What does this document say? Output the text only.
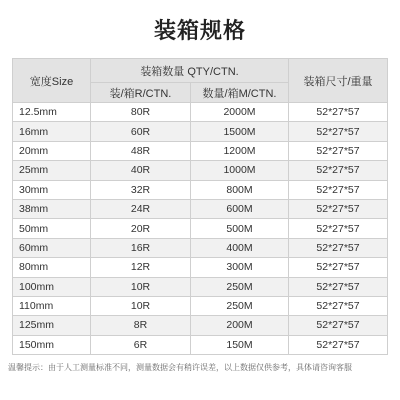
装箱规格
宽度Size	装箱数量 QTY/CTN.		装箱尺寸/重量
	装/箱R/CTN.	数量/箱M/CTN.	
12.5mm	80R	2000M	52*27*57
16mm	60R	1500M	52*27*57
20mm	48R	1200M	52*27*57
25mm	40R	1000M	52*27*57
30mm	32R	800M	52*27*57
38mm	24R	600M	52*27*57
50mm	20R	500M	52*27*57
60mm	16R	400M	52*27*57
80mm	12R	300M	52*27*57
100mm	10R	250M	52*27*57
110mm	10R	250M	52*27*57
125mm	8R	200M	52*27*57
150mm	6R	150M	52*27*57
温馨提示：由于人工测量标准不同，测量数据会有稍许误差，以上数据仅供参考，具体请咨询客服
